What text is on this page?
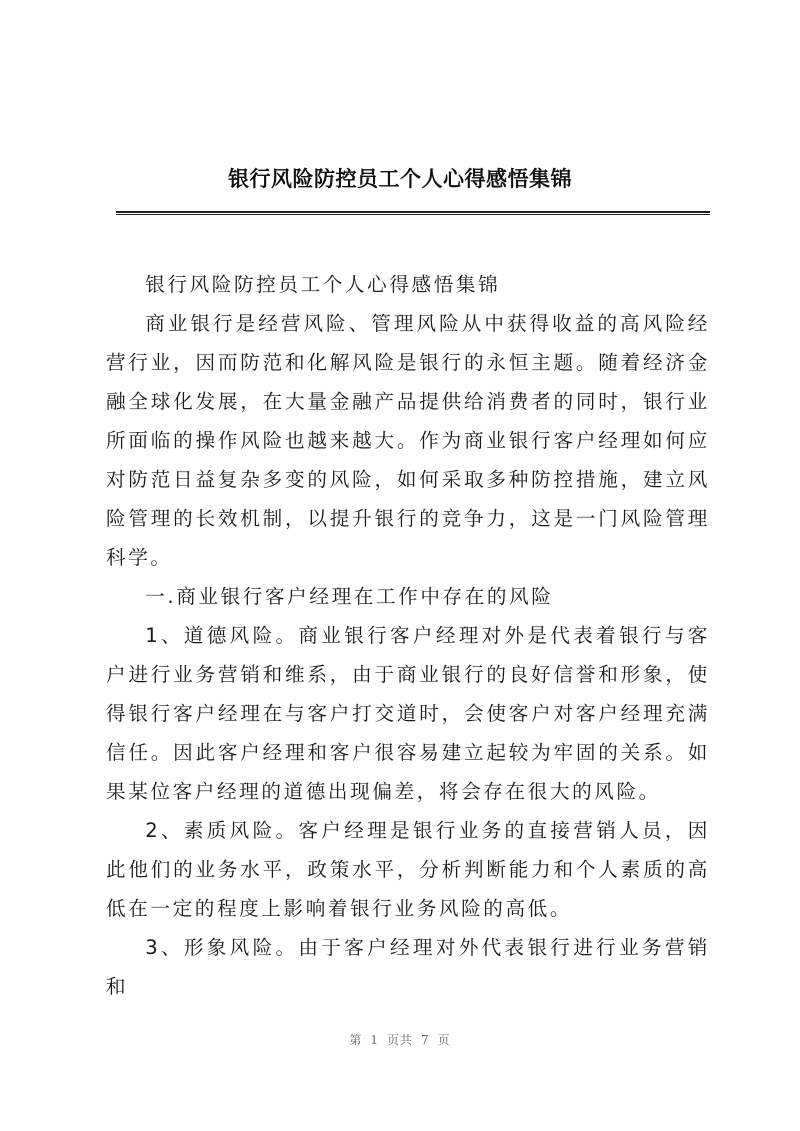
银行风险防控员工个人心得感悟集锦

银行风险防控员工个人心得感悟集锦

商业银行是经营风险、管理风险从中获得收益的高风险经营行业，因而防范和化解风险是银行的永恒主题。随着经济金融全球化发展，在大量金融产品提供给消费者的同时，银行业所面临的操作风险也越来越大。作为商业银行客户经理如何应对防范日益复杂多变的风险，如何采取多种防控措施，建立风险管理的长效机制，以提升银行的竞争力，这是一门风险管理科学。

一.商业银行客户经理在工作中存在的风险

1、道德风险。商业银行客户经理对外是代表着银行与客户进行业务营销和维系，由于商业银行的良好信誉和形象，使得银行客户经理在与客户打交道时，会使客户对客户经理充满信任。因此客户经理和客户很容易建立起较为牢固的关系。如果某位客户经理的道德出现偏差，将会存在很大的风险。

2、素质风险。客户经理是银行业务的直接营销人员，因此他们的业务水平，政策水平，分析判断能力和个人素质的高低在一定的程度上影响着银行业务风险的高低。

3、形象风险。由于客户经理对外代表银行进行业务营销和

第 1 页共 7 页
